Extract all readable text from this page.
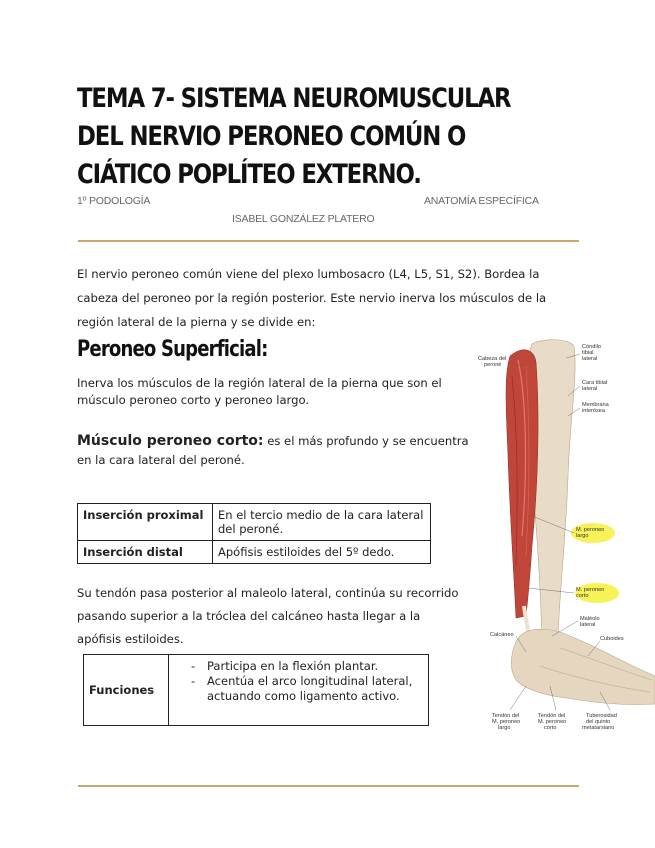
TEMA 7- SISTEMA NEUROMUSCULAR DEL NERVIO PERONEO COMÚN O CIÁTICO POPLÍTEO EXTERNO.
1º PODOLOGÍA	ANATOMÍA ESPECÍFICA
ISABEL GONZÁLEZ PLATERO

El nervio peroneo común viene del plexo lumbosacro (L4, L5, S1, S2). Bordea la cabeza del peroneo por la región posterior. Este nervio inerva los músculos de la región lateral de la pierna y se divide en:

Peroneo Superficial:

Inerva los músculos de la región lateral de la pierna que son el músculo peroneo corto y peroneo largo.

Músculo peroneo corto: es el más profundo y se encuentra en la cara lateral del peroné.

Inserción proximal	En el tercio medio de la cara lateral del peroné.
Inserción distal	Apófisis estiloides del 5º dedo.

Su tendón pasa posterior al maleolo lateral, continúa su recorrido pasando superior a la tróclea del calcáneo hasta llegar a la apófisis estiloides.

Funciones	
- Participa en la flexión plantar.
- Acentúa el arco longitudinal lateral, actuando como ligamento activo.
Cabeza del peroné
Cóndilo tibial lateral
Cara tibial lateral
Membrana interósea
M. peroneo largo
M. peroneo corto
Maléolo lateral
Calcáneo
Cuboides
Tendón del M. peroneo largo
Tendón del M. peroneo corto
Tuberosidad del quinto metatarsiano
